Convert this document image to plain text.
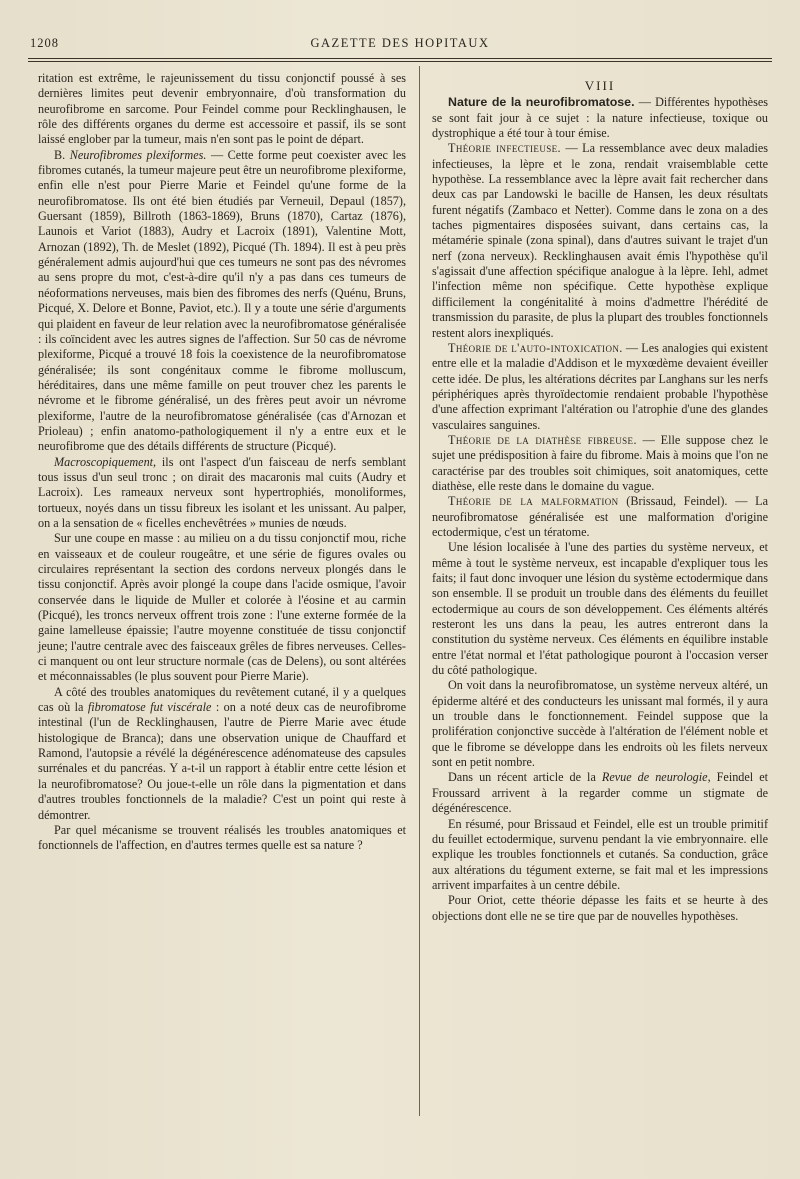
1208	GAZETTE DES HOPITAUX

ritation est extrême, le rajeunissement du tissu conjonctif poussé à ses dernières limites peut devenir embryonnaire, d'où transformation du neurofibrome en sarcome. Pour Feindel comme pour Recklinghausen, le rôle des différents organes du derme est accessoire et passif, ils se sont laissé englober par la tumeur, mais n'en sont pas le point de départ.

B. Neurofibromes plexiformes. — Cette forme peut coexister avec les fibromes cutanés, la tumeur majeure peut être un neurofibrome plexiforme, enfin elle n'est pour Pierre Marie et Feindel qu'une forme de la neurofibromatose. Ils ont été bien étudiés par Verneuil, Depaul (1857), Guersant (1859), Billroth (1863-1869), Bruns (1870), Cartaz (1876), Launois et Variot (1883), Audry et Lacroix (1891), Valentine Mott, Arnozan (1892), Th. de Meslet (1892), Picqué (Th. 1894). Il est à peu près généralement admis aujourd'hui que ces tumeurs ne sont pas des névromes au sens propre du mot, c'est-à-dire qu'il n'y a pas dans ces tumeurs de néoformations nerveuses, mais bien des fibromes des nerfs (Quénu, Bruns, Picqué, X. Delore et Bonne, Paviot, etc.). Il y a toute une série d'arguments qui plaident en faveur de leur relation avec la neurofibromatose généralisée : ils coïncident avec les autres signes de l'affection. Sur 50 cas de névrome plexiforme, Picqué a trouvé 18 fois la coexistence de la neurofibromatose généralisée; ils sont congénitaux comme le fibrome molluscum, héréditaires, dans une même famille on peut trouver chez les parents le névrome et le fibrome généralisé, un des frères peut avoir un névrome plexiforme, l'autre de la neurofibromatose généralisée (cas d'Arnozan et Prioleau) ; enfin anatomo-pathologiquement il n'y a entre eux et le neurofibrome que des détails différents de structure (Picqué).

Macroscopiquement, ils ont l'aspect d'un faisceau de nerfs semblant tous issus d'un seul tronc ; on dirait des macaronis mal cuits (Audry et Lacroix). Les rameaux nerveux sont hypertrophiés, monoliformes, tortueux, noyés dans un tissu fibreux les isolant et les unissant. Au palper, on a la sensation de « ficelles enchevêtrées » munies de nœuds.

Sur une coupe en masse : au milieu on a du tissu conjonctif mou, riche en vaisseaux et de couleur rougeâtre, et une série de figures ovales ou circulaires représentant la section des cordons nerveux plongés dans le tissu conjonctif. Après avoir plongé la coupe dans l'acide osmique, l'avoir conservée dans le liquide de Muller et colorée à l'éosine et au carmin (Picqué), les troncs nerveux offrent trois zone : l'une externe formée de la gaine lamelleuse épaissie; l'autre moyenne constituée de tissu conjonctif jeune; l'autre centrale avec des faisceaux grêles de fibres nerveuses. Celles-ci manquent ou ont leur structure normale (cas de Delens), ou sont altérées et méconnaissables (le plus souvent pour Pierre Marie).

A côté des troubles anatomiques du revêtement cutané, il y a quelques cas où la fibromatose fut viscérale : on a noté deux cas de neurofibrome intestinal (l'un de Recklinghausen, l'autre de Pierre Marie avec étude histologique de Branca); dans une observation unique de Chauffard et Ramond, l'autopsie a révélé la dégénérescence adénomateuse des capsules surrénales et du pancréas. Y a-t-il un rapport à établir entre cette lésion et la neurofibromatose? Ou joue-t-elle un rôle dans la pigmentation et dans d'autres troubles fonctionnels de la maladie? C'est un point qui reste à démontrer.

Par quel mécanisme se trouvent réalisés les troubles anatomiques et fonctionnels de l'affection, en d'autres termes quelle est sa nature ?

VIII

Nature de la neurofibromatose. — Différentes hypothèses se sont fait jour à ce sujet : la nature infectieuse, toxique ou dystrophique a été tour à tour émise.

Théorie infectieuse. — La ressemblance avec deux maladies infectieuses, la lèpre et le zona, rendait vraisemblable cette hypothèse. La ressemblance avec la lèpre avait fait rechercher dans deux cas par Landowski le bacille de Hansen, les deux résultats furent négatifs (Zambaco et Netter). Comme dans le zona on a des taches pigmentaires disposées suivant, dans certains cas, la métamérie spinale (zona spinal), dans d'autres suivant le trajet d'un nerf (zona nerveux). Recklinghausen avait émis l'hypothèse qu'il s'agissait d'une affection spécifique analogue à la lèpre. Iehl, admet l'infection même non spécifique. Cette hypothèse explique difficilement la congénitalité à moins d'admettre l'hérédité de transmission du parasite, de plus la plupart des troubles fonctionnels restent alors inexpliqués.

Théorie de l'auto-intoxication. — Les analogies qui existent entre elle et la maladie d'Addison et le myxœdème devaient éveiller cette idée. De plus, les altérations décrites par Langhans sur les nerfs périphériques après thyroïdectomie rendaient probable l'hypothèse d'une affection exprimant l'altération ou l'atrophie d'une des glandes vasculaires sanguines.

Théorie de la diathèse fibreuse. — Elle suppose chez le sujet une prédisposition à faire du fibrome. Mais à moins que l'on ne caractérise par des troubles soit chimiques, soit anatomiques, cette diathèse, elle reste dans le domaine du vague.

Théorie de la malformation (Brissaud, Feindel). — La neurofibromatose généralisée est une malformation d'origine ectodermique, c'est un tératome.

Une lésion localisée à l'une des parties du système nerveux, et même à tout le système nerveux, est incapable d'expliquer tous les faits; il faut donc invoquer une lésion du système ectodermique dans son ensemble. Il se produit un trouble dans des éléments du feuillet ectodermique au cours de son développement. Ces éléments altérés resteront les uns dans la peau, les autres entreront dans la constitution du système nerveux. Ces éléments en équilibre instable entre l'état normal et l'état pathologique pouront à l'occasion verser du côté pathologique.

On voit dans la neurofibromatose, un système nerveux altéré, un épiderme altéré et des conducteurs les unissant mal formés, il y aura un trouble dans le fonctionnement. Feindel suppose que la prolifération conjonctive succède à l'altération de l'élément noble et que le fibrome se développe dans les endroits où les filets nerveux sont en petit nombre.

Dans un récent article de la Revue de neurologie, Feindel et Froussard arrivent à la regarder comme un stigmate de dégénérescence.

En résumé, pour Brissaud et Feindel, elle est un trouble primitif du feuillet ectodermique, survenu pendant la vie embryonnaire. elle explique les troubles fonctionnels et cutanés. Sa conduction, grâce aux altérations du tégument externe, se fait mal et les impressions arrivent imparfaites à un centre débile.

Pour Oriot, cette théorie dépasse les faits et se heurte à des objections dont elle ne se tire que par de nouvelles hypothèses.
